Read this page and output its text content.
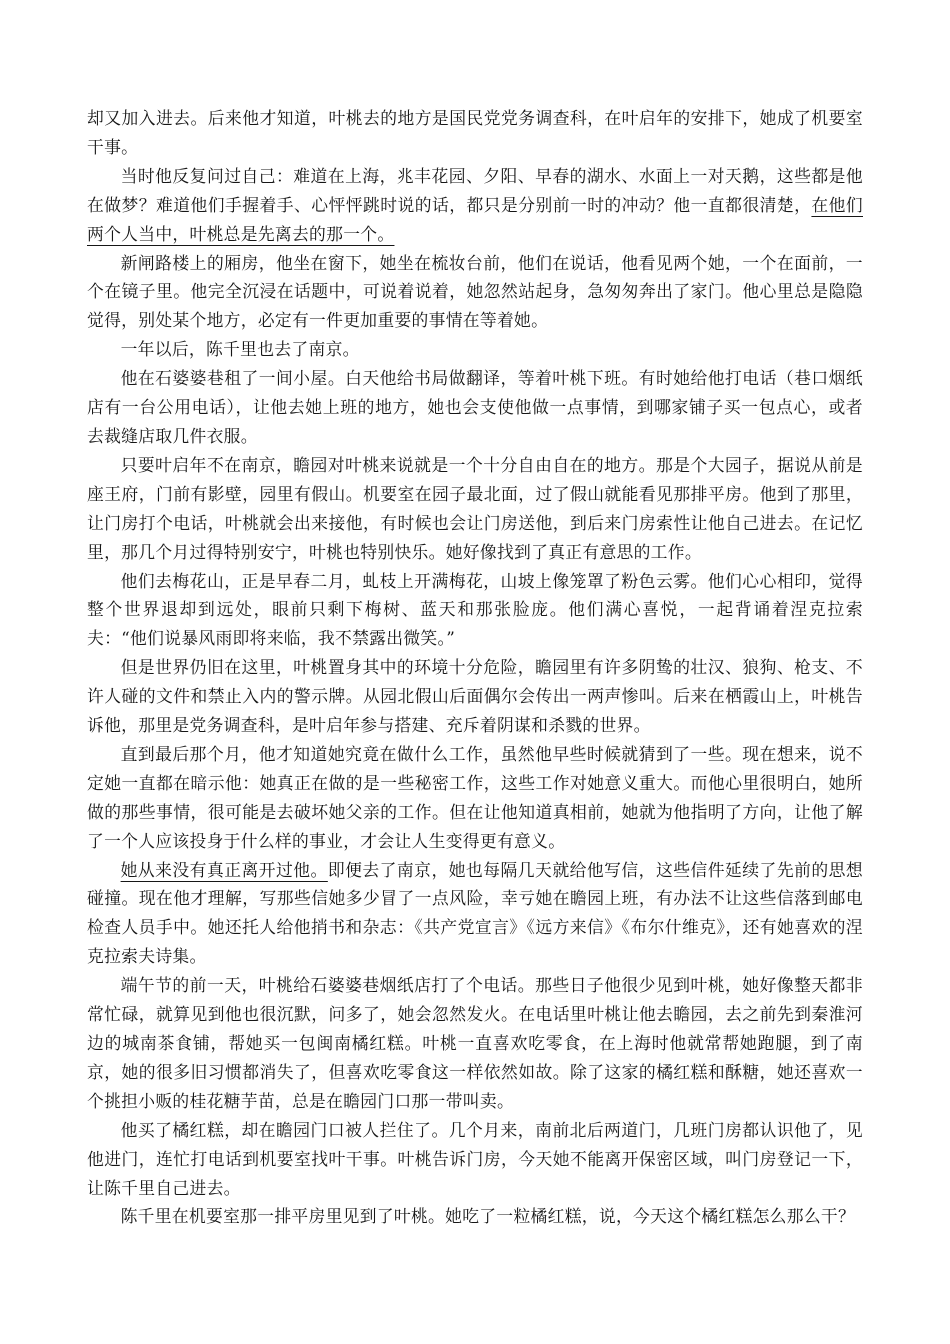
却又加入进去。后来他才知道，叶桃去的地方是国民党党务调查科，在叶启年的安排下，她成了机要室干事。

当时他反复问过自己：难道在上海，兆丰花园、夕阳、早春的湖水、水面上一对天鹅，这些都是他在做梦？难道他们手握着手、心怦怦跳时说的话，都只是分别前一时的冲动？他一直都很清楚，在他们两个人当中，叶桃总是先离去的那一个。

新闸路楼上的厢房，他坐在窗下，她坐在梳妆台前，他们在说话，他看见两个她，一个在面前，一个在镜子里。他完全沉浸在话题中，可说着说着，她忽然站起身，急匆匆奔出了家门。他心里总是隐隐觉得，别处某个地方，必定有一件更加重要的事情在等着她。

一年以后，陈千里也去了南京。

他在石婆婆巷租了一间小屋。白天他给书局做翻译，等着叶桃下班。有时她给他打电话（巷口烟纸店有一台公用电话），让他去她上班的地方，她也会支使他做一点事情，到哪家铺子买一包点心，或者去裁缝店取几件衣服。

只要叶启年不在南京，瞻园对叶桃来说就是一个十分自由自在的地方。那是个大园子，据说从前是座王府，门前有影壁，园里有假山。机要室在园子最北面，过了假山就能看见那排平房。他到了那里，让门房打个电话，叶桃就会出来接他，有时候也会让门房送他，到后来门房索性让他自己进去。在记忆里，那几个月过得特别安宁，叶桃也特别快乐。她好像找到了真正有意思的工作。

他们去梅花山，正是早春二月，虬枝上开满梅花，山坡上像笼罩了粉色云雾。他们心心相印，觉得整个世界退却到远处，眼前只剩下梅树、蓝天和那张脸庞。他们满心喜悦，一起背诵着涅克拉索夫：“他们说暴风雨即将来临，我不禁露出微笑。”

但是世界仍旧在这里，叶桃置身其中的环境十分危险，瞻园里有许多阴鸷的壮汉、狼狗、枪支、不许人碰的文件和禁止入内的警示牌。从园北假山后面偶尔会传出一两声惨叫。后来在栖霞山上，叶桃告诉他，那里是党务调查科，是叶启年参与搭建、充斥着阴谋和杀戮的世界。

直到最后那个月，他才知道她究竟在做什么工作，虽然他早些时候就猜到了一些。现在想来，说不定她一直都在暗示他：她真正在做的是一些秘密工作，这些工作对她意义重大。而他心里很明白，她所做的那些事情，很可能是去破坏她父亲的工作。但在让他知道真相前，她就为他指明了方向，让他了解了一个人应该投身于什么样的事业，才会让人生变得更有意义。

她从来没有真正离开过他。即便去了南京，她也每隔几天就给他写信，这些信件延续了先前的思想碰撞。现在他才理解，写那些信她多少冒了一点风险，幸亏她在瞻园上班，有办法不让这些信落到邮电检查人员手中。她还托人给他捎书和杂志：《共产党宣言》《远方来信》《布尔什维克》，还有她喜欢的涅克拉索夫诗集。

端午节的前一天，叶桃给石婆婆巷烟纸店打了个电话。那些日子他很少见到叶桃，她好像整天都非常忙碌，就算见到他也很沉默，问多了，她会忽然发火。在电话里叶桃让他去瞻园，去之前先到秦淮河边的城南茶食铺，帮她买一包闽南橘红糕。叶桃一直喜欢吃零食，在上海时他就常帮她跑腿，到了南京，她的很多旧习惯都消失了，但喜欢吃零食这一样依然如故。除了这家的橘红糕和酥糖，她还喜欢一个挑担小贩的桂花糖芋苗，总是在瞻园门口那一带叫卖。

他买了橘红糕，却在瞻园门口被人拦住了。几个月来，南前北后两道门，几班门房都认识他了，见他进门，连忙打电话到机要室找叶干事。叶桃告诉门房，今天她不能离开保密区域，叫门房登记一下，让陈千里自己进去。

陈千里在机要室那一排平房里见到了叶桃。她吃了一粒橘红糕，说，今天这个橘红糕怎么那么干？
